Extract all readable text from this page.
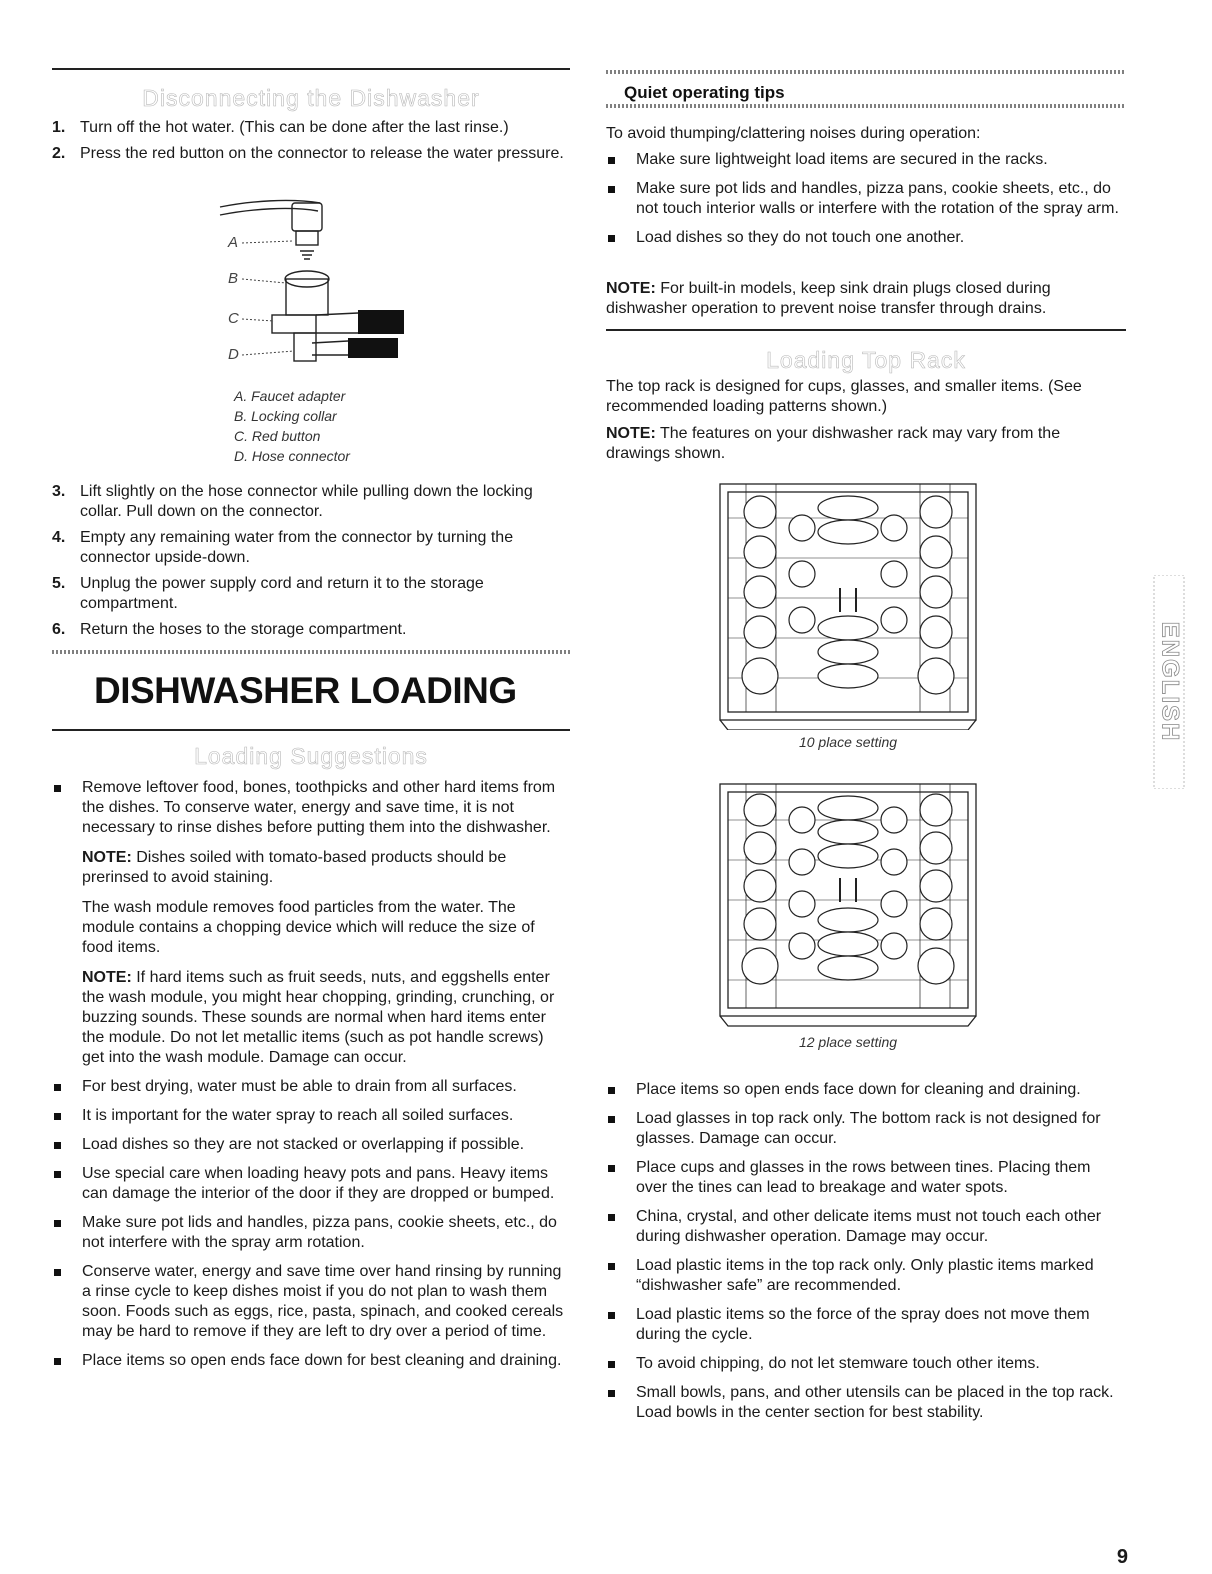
Disconnecting the Dishwasher
1. Turn off the hot water. (This can be done after the last rinse.)
2. Press the red button on the connector to release the water pressure.
A
B
C
D
A. Faucet adapter
B. Locking collar
C. Red button
D. Hose connector
3. Lift slightly on the hose connector while pulling down the locking collar. Pull down on the connector.
4. Empty any remaining water from the connector by turning the connector upside-down.
5. Unplug the power supply cord and return it to the storage compartment.
6. Return the hoses to the storage compartment.
DISHWASHER LOADING
Loading Suggestions
Remove leftover food, bones, toothpicks and other hard items from the dishes. To conserve water, energy and save time, it is not necessary to rinse dishes before putting them into the dishwasher.
NOTE: Dishes soiled with tomato-based products should be prerinsed to avoid staining.
The wash module removes food particles from the water. The module contains a chopping device which will reduce the size of food items.
NOTE: If hard items such as fruit seeds, nuts, and eggshells enter the wash module, you might hear chopping, grinding, crunching, or buzzing sounds. These sounds are normal when hard items enter the module. Do not let metallic items (such as pot handle screws) get into the wash module. Damage can occur.
For best drying, water must be able to drain from all surfaces.
It is important for the water spray to reach all soiled surfaces.
Load dishes so they are not stacked or overlapping if possible.
Use special care when loading heavy pots and pans. Heavy items can damage the interior of the door if they are dropped or bumped.
Make sure pot lids and handles, pizza pans, cookie sheets, etc., do not interfere with the spray arm rotation.
Conserve water, energy and save time over hand rinsing by running a rinse cycle to keep dishes moist if you do not plan to wash them soon. Foods such as eggs, rice, pasta, spinach, and cooked cereals may be hard to remove if they are left to dry over a period of time.
Place items so open ends face down for best cleaning and draining.
Quiet operating tips
To avoid thumping/clattering noises during operation:
Make sure lightweight load items are secured in the racks.
Make sure pot lids and handles, pizza pans, cookie sheets, etc., do not touch interior walls or interfere with the rotation of the spray arm.
Load dishes so they do not touch one another.
NOTE: For built-in models, keep sink drain plugs closed during dishwasher operation to prevent noise transfer through drains.
Loading Top Rack
The top rack is designed for cups, glasses, and smaller items. (See recommended loading patterns shown.)
NOTE: The features on your dishwasher rack may vary from the drawings shown.
10 place setting
12 place setting
Place items so open ends face down for cleaning and draining.
Load glasses in top rack only. The bottom rack is not designed for glasses. Damage can occur.
Place cups and glasses in the rows between tines. Placing them over the tines can lead to breakage and water spots.
China, crystal, and other delicate items must not touch each other during dishwasher operation. Damage may occur.
Load plastic items in the top rack only. Only plastic items marked “dishwasher safe” are recommended.
Load plastic items so the force of the spray does not move them during the cycle.
To avoid chipping, do not let stemware touch other items.
Small bowls, pans, and other utensils can be placed in the top rack. Load bowls in the center section for best stability.
ENGLISH
9
